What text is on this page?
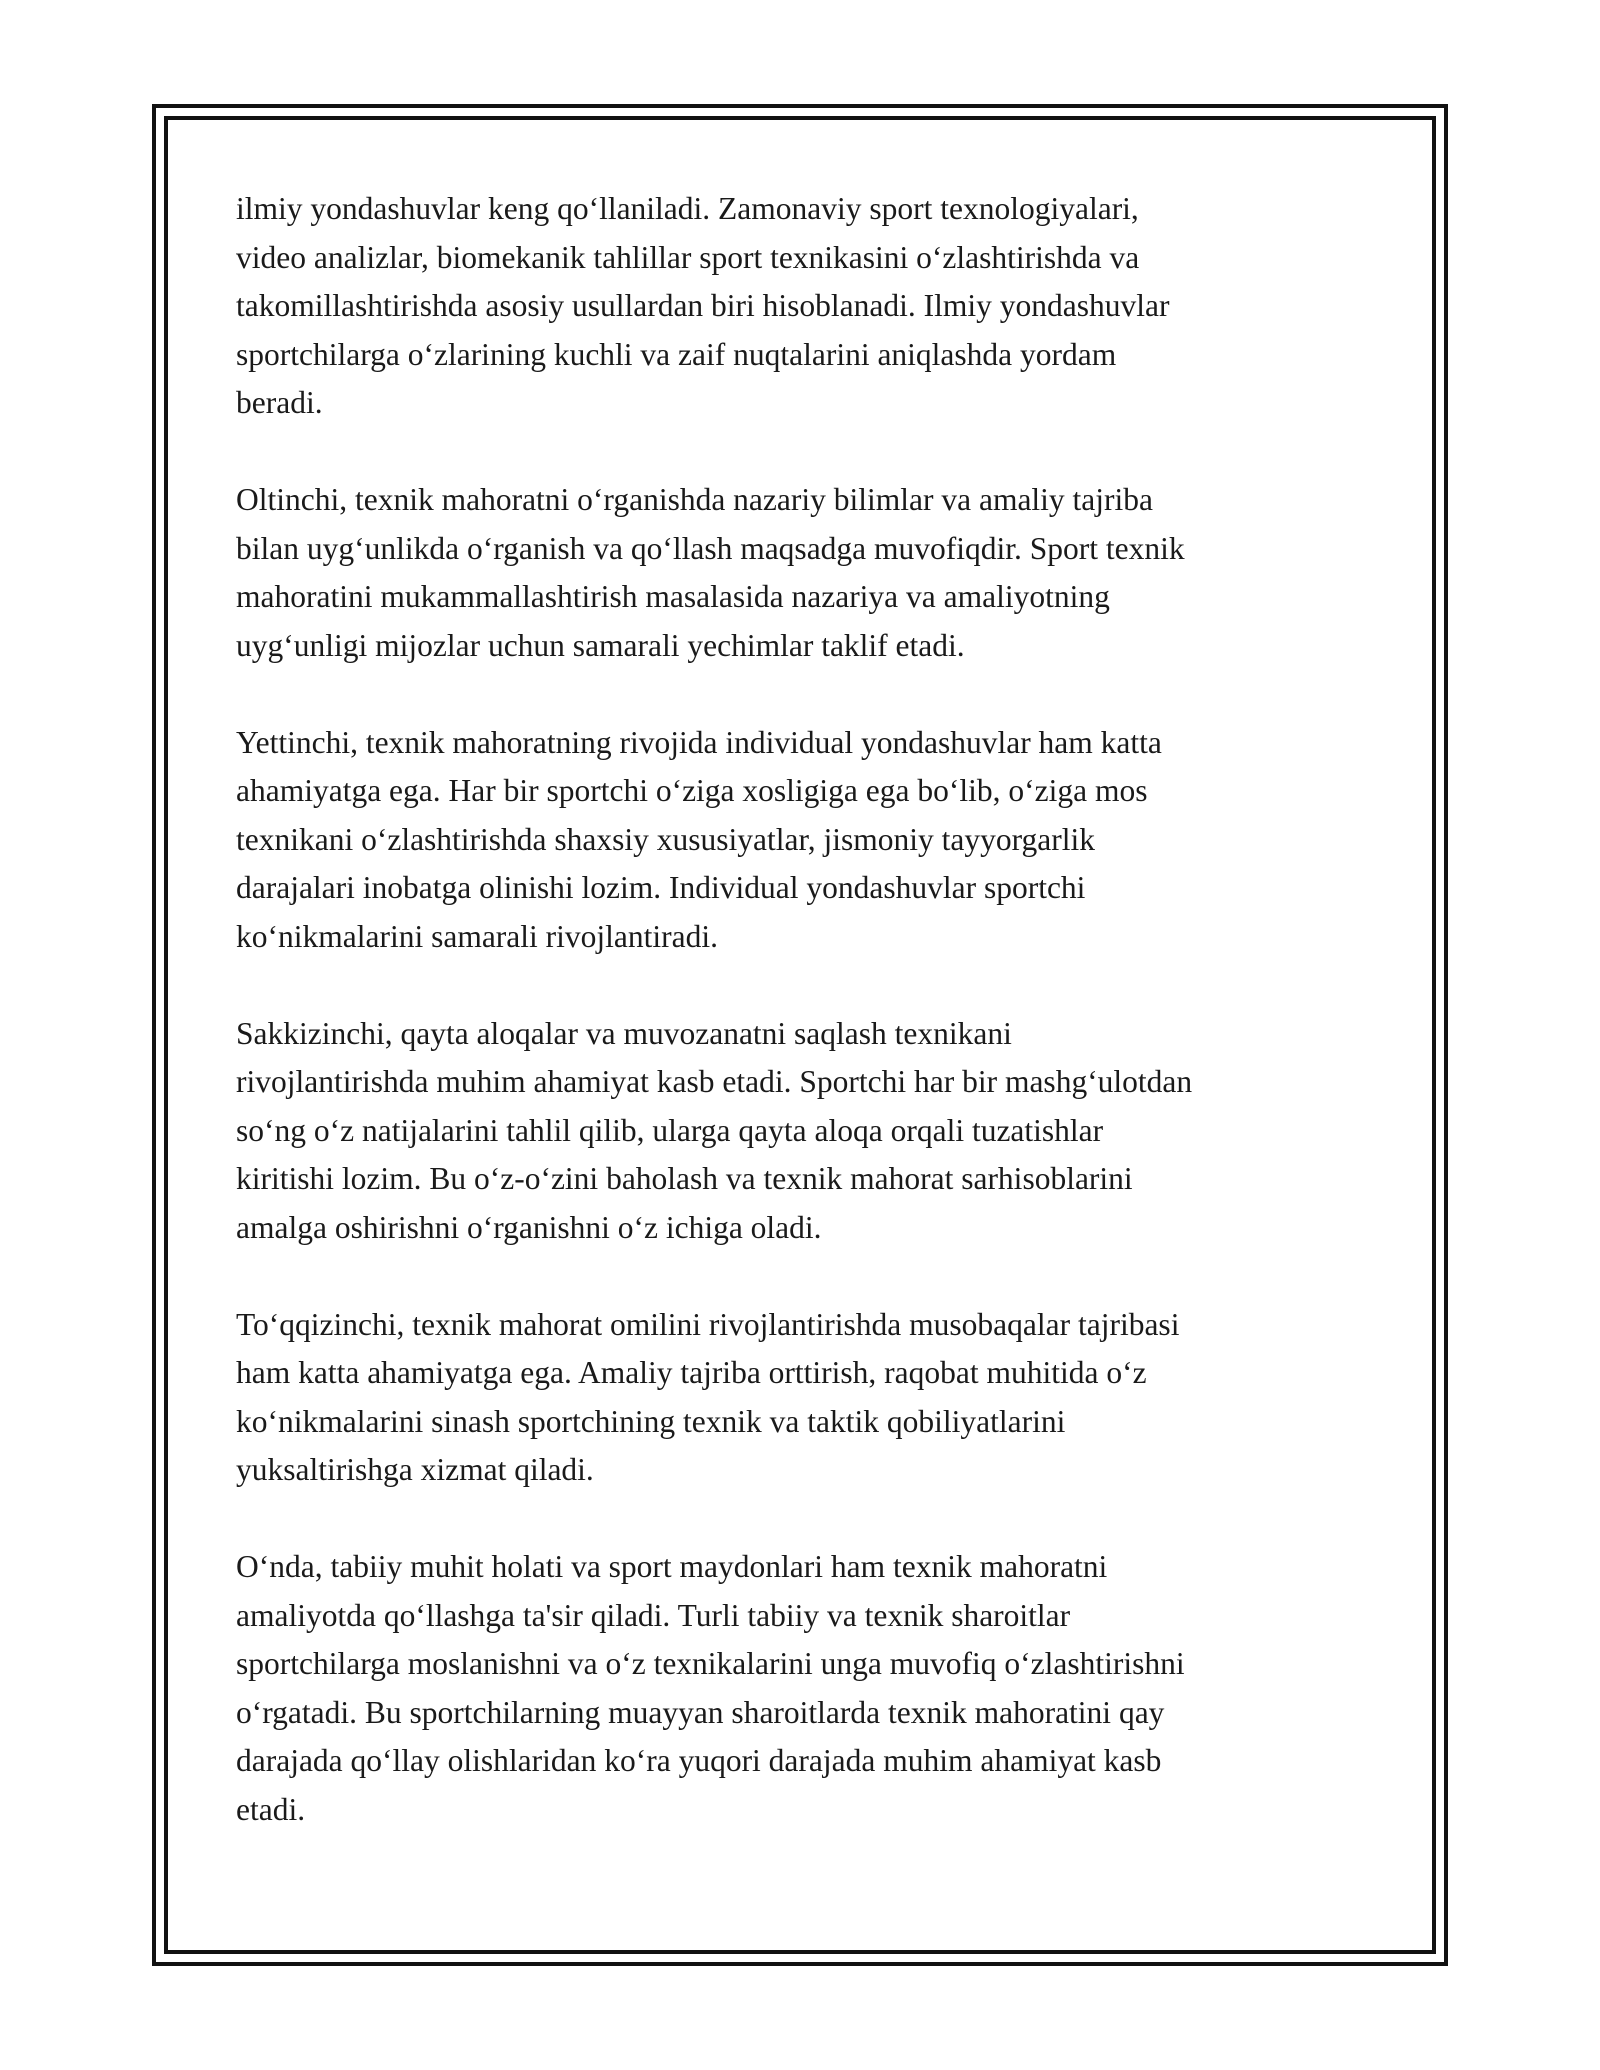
ilmiy yondashuvlar keng qo‘llaniladi. Zamonaviy sport texnologiyalari,
video analizlar, biomekanik tahlillar sport texnikasini o‘zlashtirishda va
takomillashtirishda asosiy usullardan biri hisoblanadi. Ilmiy yondashuvlar
sportchilarga o‘zlarining kuchli va zaif nuqtalarini aniqlashda yordam
beradi.

Oltinchi, texnik mahoratni o‘rganishda nazariy bilimlar va amaliy tajriba
bilan uyg‘unlikda o‘rganish va qo‘llash maqsadga muvofiqdir. Sport texnik
mahoratini mukammallashtirish masalasida nazariya va amaliyotning
uyg‘unligi mijozlar uchun samarali yechimlar taklif etadi.

Yettinchi, texnik mahoratning rivojida individual yondashuvlar ham katta
ahamiyatga ega. Har bir sportchi o‘ziga xosligiga ega bo‘lib, o‘ziga mos
texnikani o‘zlashtirishda shaxsiy xususiyatlar, jismoniy tayyorgarlik
darajalari inobatga olinishi lozim. Individual yondashuvlar sportchi
ko‘nikmalarini samarali rivojlantiradi.

Sakkizinchi, qayta aloqalar va muvozanatni saqlash texnikani
rivojlantirishda muhim ahamiyat kasb etadi. Sportchi har bir mashg‘ulotdan
so‘ng o‘z natijalarini tahlil qilib, ularga qayta aloqa orqali tuzatishlar
kiritishi lozim. Bu o‘z-o‘zini baholash va texnik mahorat sarhisoblarini
amalga oshirishni o‘rganishni o‘z ichiga oladi.

To‘qqizinchi, texnik mahorat omilini rivojlantirishda musobaqalar tajribasi
ham katta ahamiyatga ega. Amaliy tajriba orttirish, raqobat muhitida o‘z
ko‘nikmalarini sinash sportchining texnik va taktik qobiliyatlarini
yuksaltirishga xizmat qiladi.

O‘nda, tabiiy muhit holati va sport maydonlari ham texnik mahoratni
amaliyotda qo‘llashga ta'sir qiladi. Turli tabiiy va texnik sharoitlar
sportchilarga moslanishni va o‘z texnikalarini unga muvofiq o‘zlashtirishni
o‘rgatadi. Bu sportchilarning muayyan sharoitlarda texnik mahoratini qay
darajada qo‘llay olishlaridan ko‘ra yuqori darajada muhim ahamiyat kasb
etadi.
